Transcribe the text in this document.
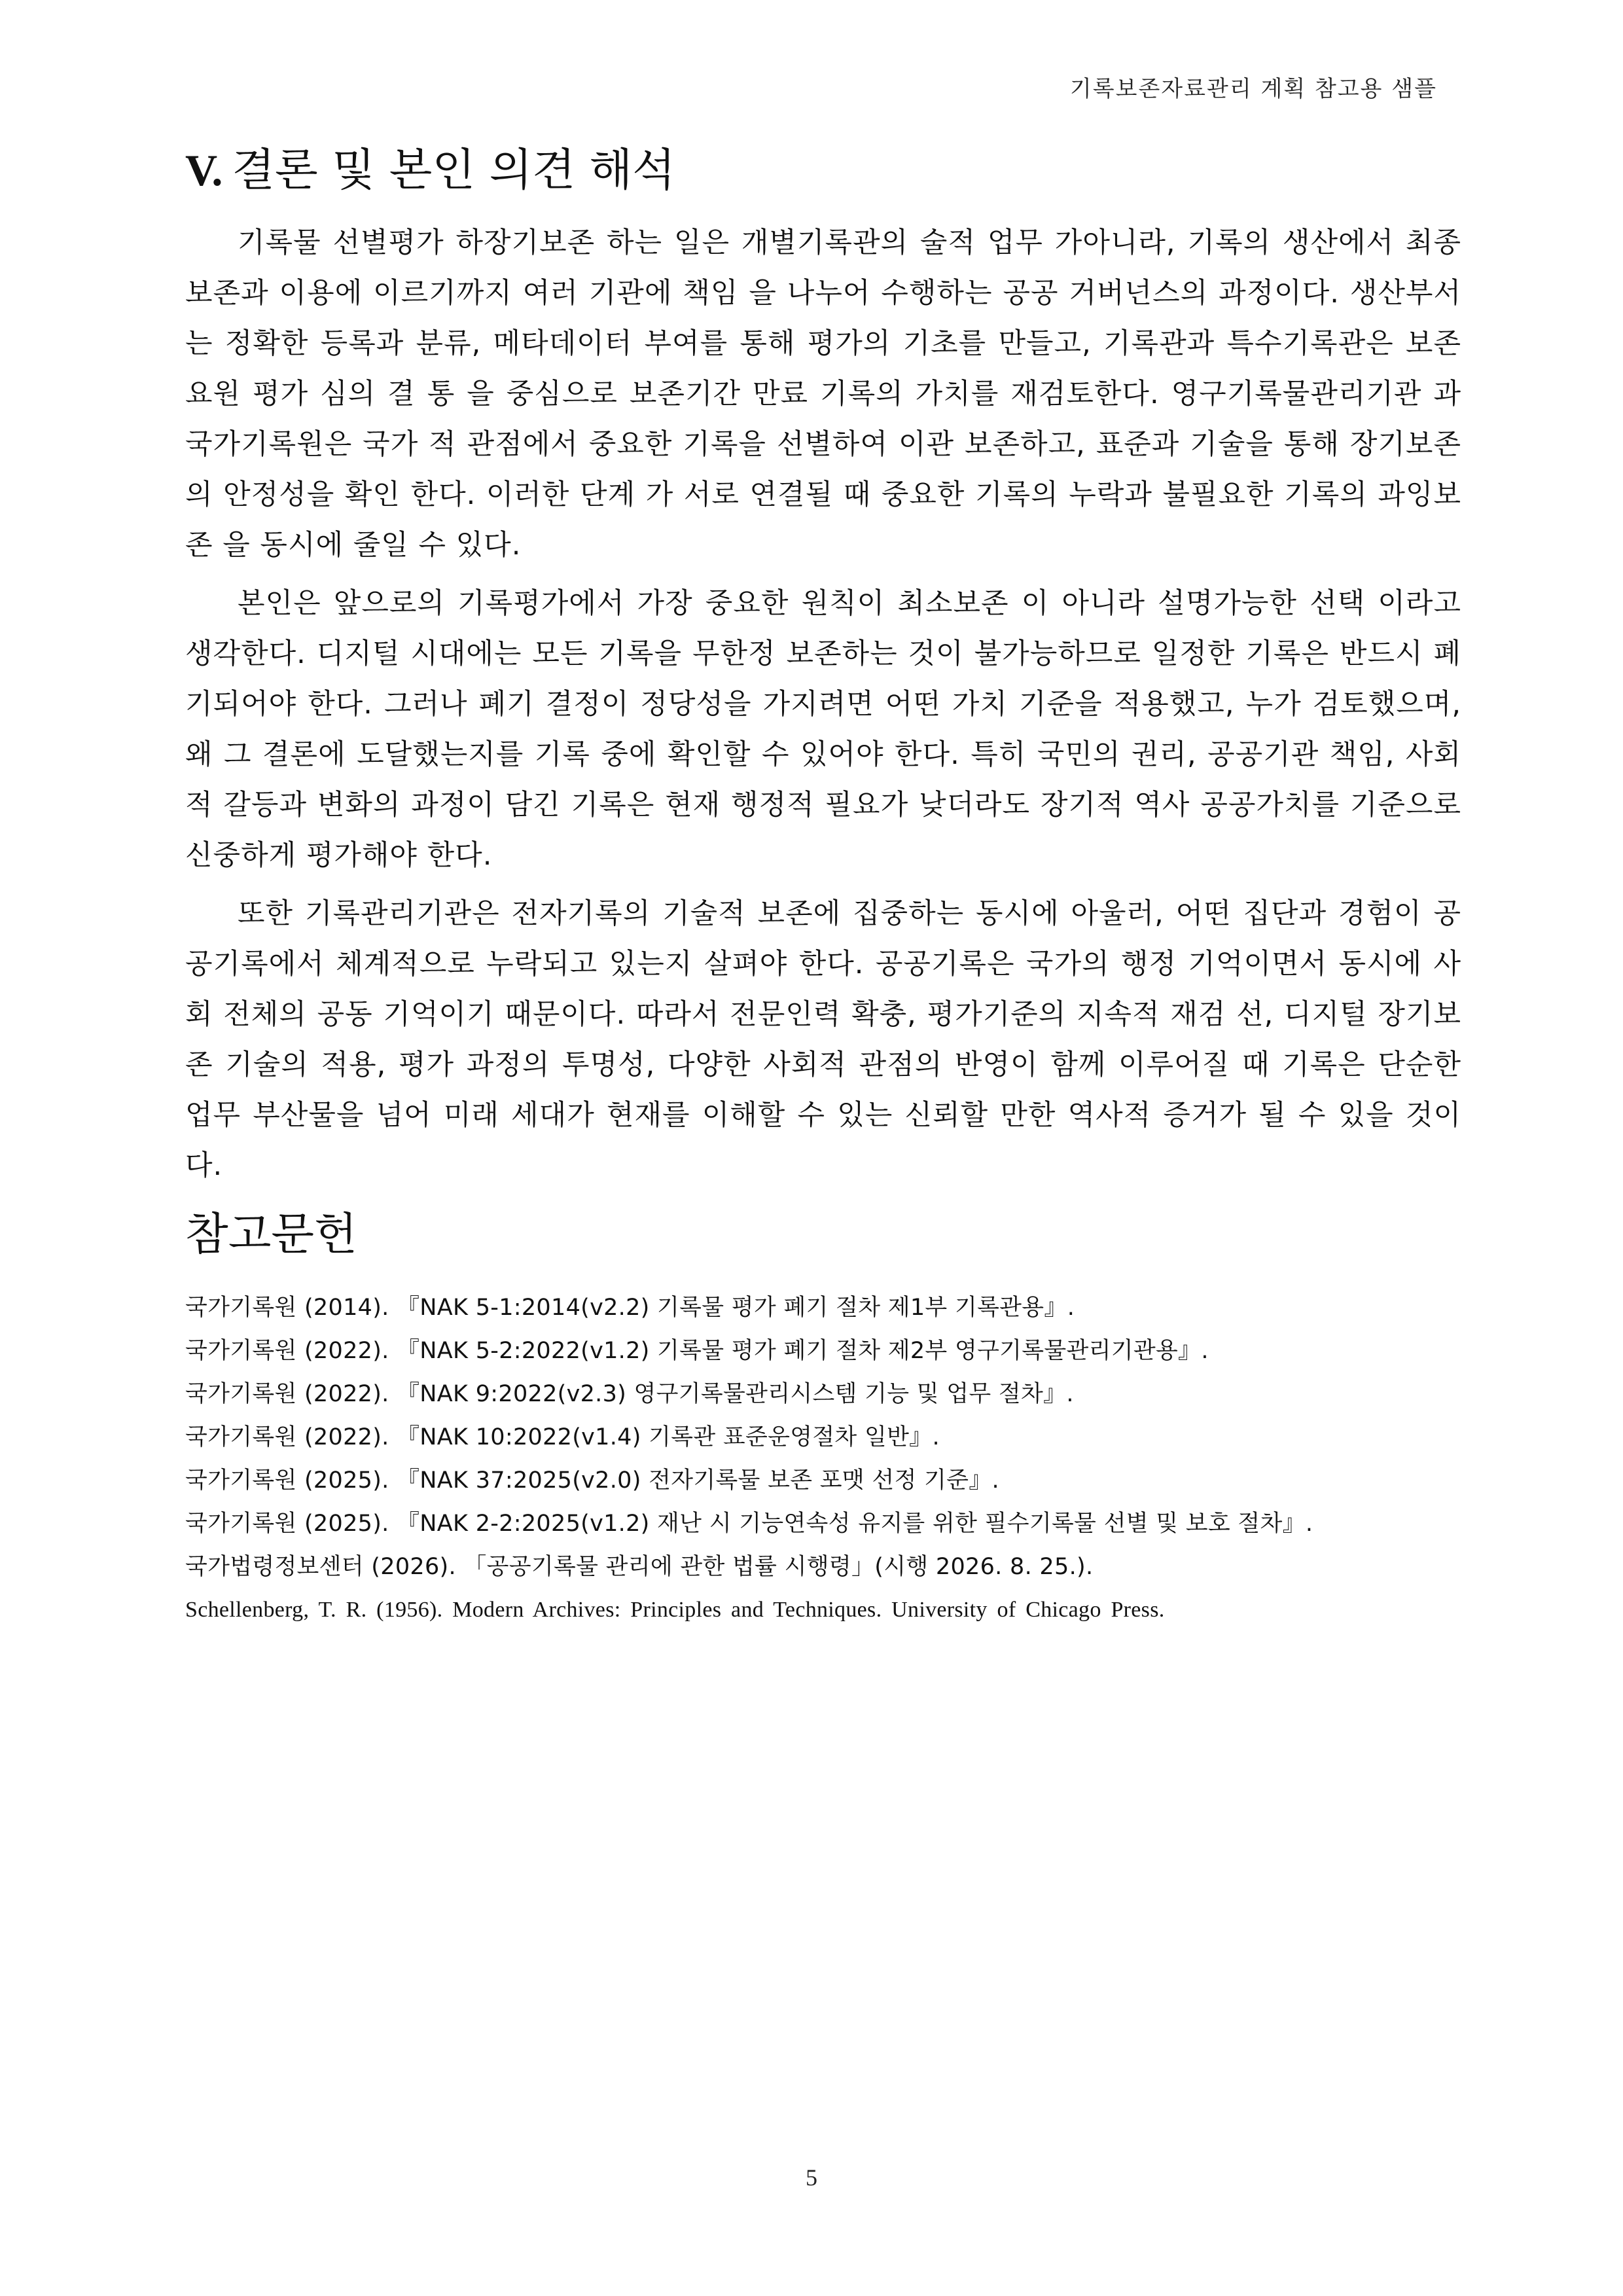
기록보존자료관리 계획 참고용 샘플
V. 결론 및 본인 의견 해석

기록물 선별평가 하장기보존 하는 일은 개별기록관의 술적 업무 가아니라, 기록의 생산에서 최종 보존과 이용에 이르기까지 여러 기관에 책임 을 나누어 수행하는 공공 거버넌스의 과정이다. 생산부서는 정확한 등록과 분류, 메타데이터 부여를 통해 평가의 기초를 만들고, 기록관과 특수기록관은 보존 요원 평가 심의 결 통 을 중심으로 보존기간 만료 기록의 가치를 재검토한다. 영구기록물관리기관 과 국가기록원은 국가 적 관점에서 중요한 기록을 선별하여 이관 보존하고, 표준과 기술을 통해 장기보존의 안정성을 확인 한다. 이러한 단계 가 서로 연결될 때 중요한 기록의 누락과 불필요한 기록의 과잉보존 을 동시에 줄일 수 있다.

본인은 앞으로의 기록평가에서 가장 중요한 원칙이 최소보존 이 아니라 설명가능한 선택 이라고 생각한다. 디지털 시대에는 모든 기록을 무한정 보존하는 것이 불가능하므로 일정한 기록은 반드시 폐기되어야 한다. 그러나 폐기 결정이 정당성을 가지려면 어떤 가치 기준을 적용했고, 누가 검토했으며, 왜 그 결론에 도달했는지를 기록 중에 확인할 수 있어야 한다. 특히 국민의 권리, 공공기관 책임, 사회적 갈등과 변화의 과정이 담긴 기록은 현재 행정적 필요가 낮더라도 장기적 역사 공공가치를 기준으로 신중하게 평가해야 한다.

또한 기록관리기관은 전자기록의 기술적 보존에 집중하는 동시에 아울러, 어떤 집단과 경험이 공공기록에서 체계적으로 누락되고 있는지 살펴야 한다. 공공기록은 국가의 행정 기억이면서 동시에 사회 전체의 공동 기억이기 때문이다. 따라서 전문인력 확충, 평가기준의 지속적 재검 선, 디지털 장기보존 기술의 적용, 평가 과정의 투명성, 다양한 사회적 관점의 반영이 함께 이루어질 때 기록은 단순한 업무 부산물을 넘어 미래 세대가 현재를 이해할 수 있는 신뢰할 만한 역사적 증거가 될 수 있을 것이다.

참고문헌
국가기록원 (2014). 『NAK 5-1:2014(v2.2) 기록물 평가 폐기 절차 제1부 기록관용』.
국가기록원 (2022). 『NAK 5-2:2022(v1.2) 기록물 평가 폐기 절차 제2부 영구기록물관리기관용』.
국가기록원 (2022). 『NAK 9:2022(v2.3) 영구기록물관리시스템 기능 및 업무 절차』.
국가기록원 (2022). 『NAK 10:2022(v1.4) 기록관 표준운영절차 일반』.
국가기록원 (2025). 『NAK 37:2025(v2.0) 전자기록물 보존 포맷 선정 기준』.
국가기록원 (2025). 『NAK 2-2:2025(v1.2) 재난 시 기능연속성 유지를 위한 필수기록물 선별 및 보호 절차』.
국가법령정보센터 (2026). 「공공기록물 관리에 관한 법률 시행령」(시행 2026. 8. 25.).
Schellenberg, T. R. (1956). Modern Archives: Principles and Techniques. University of Chicago Press.
5
